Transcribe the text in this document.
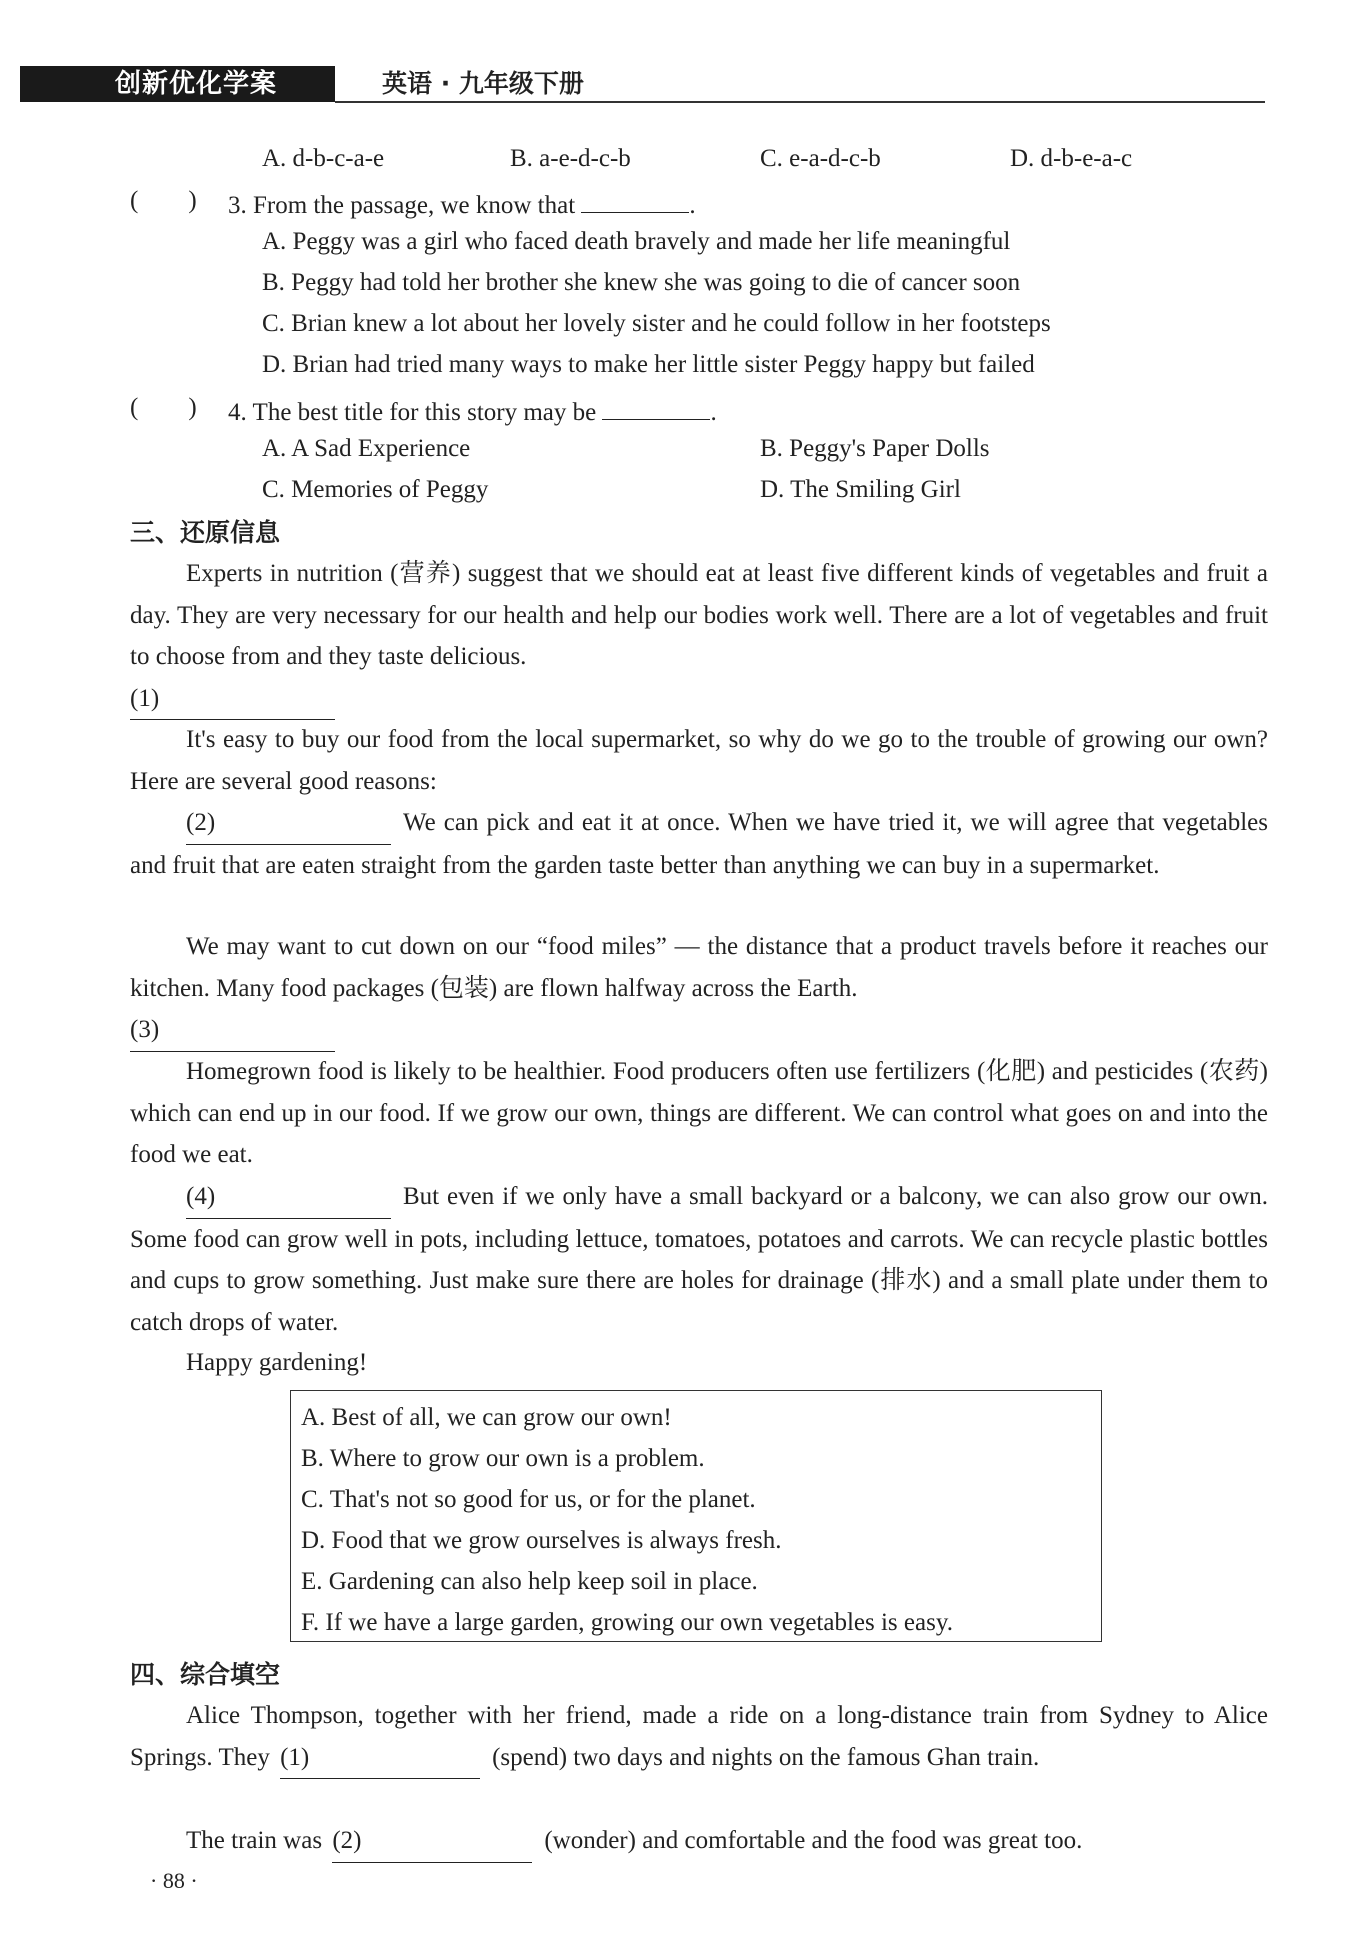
创新优化学案	英语 · 九年级下册
A. d-b-c-a-e	B. a-e-d-c-b	C. e-a-d-c-b	D. d-b-e-a-c
(　　) 3. From the passage, we know that	.
A. Peggy was a girl who faced death bravely and made her life meaningful
B. Peggy had told her brother she knew she was going to die of cancer soon
C. Brian knew a lot about her lovely sister and he could follow in her footsteps
D. Brian had tried many ways to make her little sister Peggy happy but failed
(　　) 4. The best title for this story may be	.
A. A Sad Experience	B. Peggy's Paper Dolls
C. Memories of Peggy	D. The Smiling Girl
三、还原信息
Experts in nutrition (营养) suggest that we should eat at least five different kinds of vegetables and fruit a day. They are very necessary for our health and help our bodies work well. There are a lot of vegetables and fruit to choose from and they taste delicious.
(1)
It's easy to buy our food from the local supermarket, so why do we go to the trouble of growing our own? Here are several good reasons:
(2)	We can pick and eat it at once. When we have tried it, we will agree that vegetables and fruit that are eaten straight from the garden taste better than anything we can buy in a supermarket.
We may want to cut down on our “food miles” — the distance that a product travels before it reaches our kitchen. Many food packages (包装) are flown halfway across the Earth.
(3)
Homegrown food is likely to be healthier. Food producers often use fertilizers (化肥) and pesticides (农药) which can end up in our food. If we grow our own, things are different. We can control what goes on and into the food we eat.
(4)	But even if we only have a small backyard or a balcony, we can also grow our own. Some food can grow well in pots, including lettuce, tomatoes, potatoes and carrots. We can recycle plastic bottles and cups to grow something. Just make sure there are holes for drainage (排水) and a small plate under them to catch drops of water.
Happy gardening!
A. Best of all, we can grow our own!
B. Where to grow our own is a problem.
C. That's not so good for us, or for the planet.
D. Food that we grow ourselves is always fresh.
E. Gardening can also help keep soil in place.
F. If we have a large garden, growing our own vegetables is easy.
四、综合填空
Alice Thompson, together with her friend, made a ride on a long-distance train from Sydney to Alice Springs. They (1)	(spend) two days and nights on the famous Ghan train.
The train was (2)	(wonder) and comfortable and the food was great too.
· 88 ·
